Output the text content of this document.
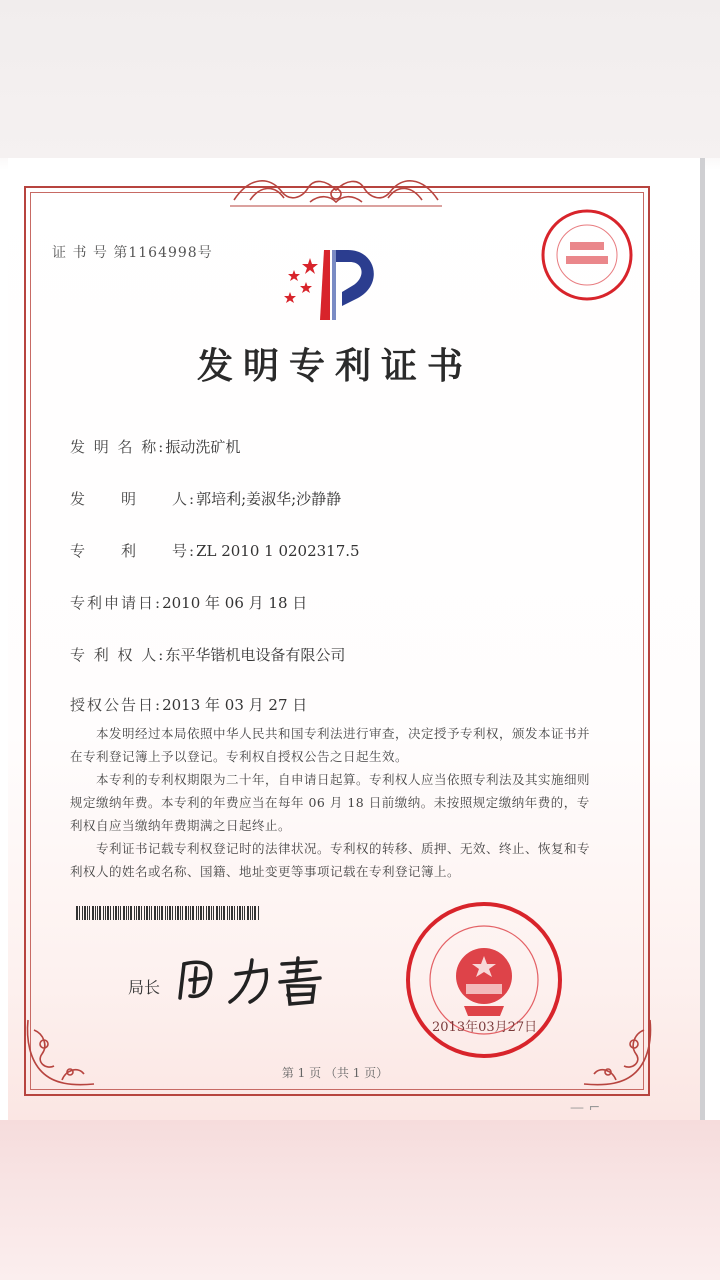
证 书 号 第1164998号
发明专利证书
发 明 名 称:振动洗矿机
发　　明　　人:郭培利;姜淑华;沙静静
专　　利　　号:ZL 2010 1 0202317.5
专利申请日:2010 年 06 月 18 日
专 利 权 人:东平华锴机电设备有限公司
授权公告日:2013 年 03 月 27 日

本发明经过本局依照中华人民共和国专利法进行审查，决定授予专利权，颁发本证书并在专利登记簿上予以登记。专利权自授权公告之日起生效。

本专利的专利权期限为二十年，自申请日起算。专利权人应当依照专利法及其实施细则规定缴纳年费。本专利的年费应当在每年 06 月 18 日前缴纳。未按照规定缴纳年费的，专利权自应当缴纳年费期满之日起终止。

专利证书记载专利权登记时的法律状况。专利权的转移、质押、无效、终止、恢复和专利权人的姓名或名称、国籍、地址变更等事项记载在专利登记簿上。

局长
2013年03月27日
第 1 页 （共 1 页）
— ⌐
